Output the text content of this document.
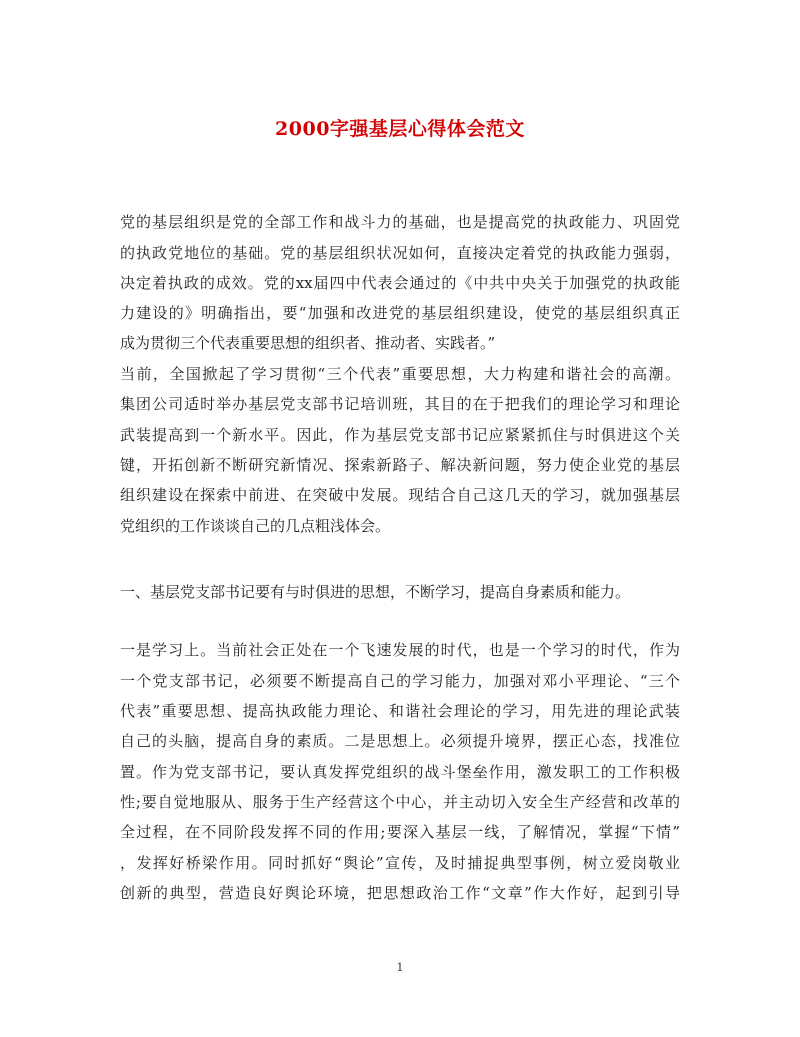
2000字强基层心得体会范文
党的基层组织是党的全部工作和战斗力的基础，也是提高党的执政能力、巩固党
的执政党地位的基础。党的基层组织状况如何，直接决定着党的执政能力强弱，
决定着执政的成效。党的xx届四中代表会通过的《中共中央关于加强党的执政能
力建设的》明确指出，要“加强和改进党的基层组织建设，使党的基层组织真正
成为贯彻三个代表重要思想的组织者、推动者、实践者。”
当前，全国掀起了学习贯彻“三个代表”重要思想，大力构建和谐社会的高潮。
集团公司适时举办基层党支部书记培训班，其目的在于把我们的理论学习和理论
武装提高到一个新水平。因此，作为基层党支部书记应紧紧抓住与时俱进这个关
键，开拓创新不断研究新情况、探索新路子、解决新问题，努力使企业党的基层
组织建设在探索中前进、在突破中发展。现结合自己这几天的学习，就加强基层
党组织的工作谈谈自己的几点粗浅体会。
一、基层党支部书记要有与时俱进的思想，不断学习，提高自身素质和能力。
一是学习上。当前社会正处在一个飞速发展的时代，也是一个学习的时代，作为
一个党支部书记，必须要不断提高自己的学习能力，加强对邓小平理论、“三个
代表”重要思想、提高执政能力理论、和谐社会理论的学习，用先进的理论武装
自己的头脑，提高自身的素质。二是思想上。必须提升境界，摆正心态，找准位
置。作为党支部书记，要认真发挥党组织的战斗堡垒作用，激发职工的工作积极
性;要自觉地服从、服务于生产经营这个中心，并主动切入安全生产经营和改革的
全过程，在不同阶段发挥不同的作用;要深入基层一线，了解情况，掌握“下情”
，发挥好桥梁作用。同时抓好“舆论”宣传，及时捕捉典型事例，树立爱岗敬业
创新的典型，营造良好舆论环境，把思想政治工作“文章”作大作好，起到引导
1
